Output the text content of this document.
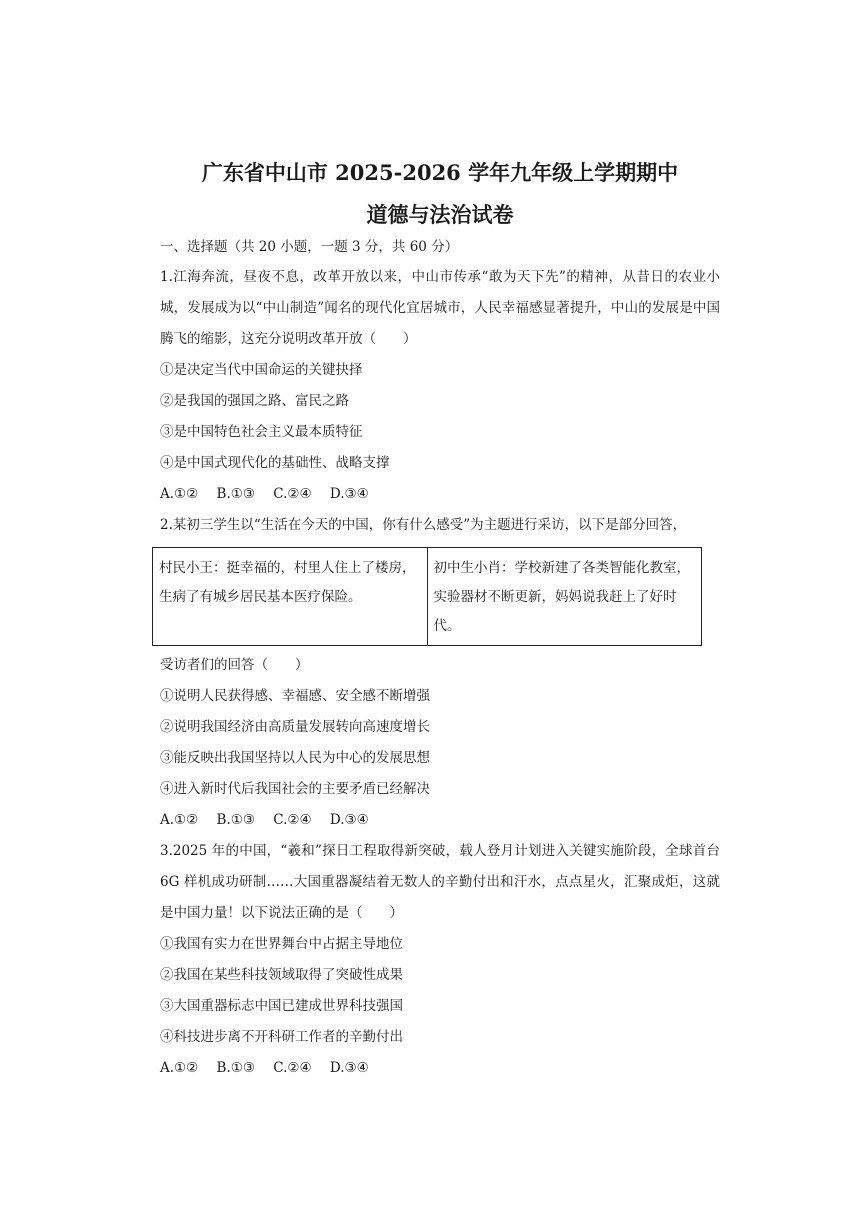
广东省中山市 2025-2026 学年九年级上学期期中
道德与法治试卷

一、选择题（共 20 小题，一题 3 分，共 60 分）

1.江海奔流，昼夜不息，改革开放以来，中山市传承“敢为天下先”的精神，从昔日的农业小城，发展成为以“中山制造”闻名的现代化宜居城市，人民幸福感显著提升，中山的发展是中国腾飞的缩影，这充分说明改革开放（　　）

①是决定当代中国命运的关键抉择

②是我国的强国之路、富民之路

③是中国特色社会主义最本质特征

④是中国式现代化的基础性、战略支撑

A.①② B.①③ C.②④ D.③④

2.某初三学生以“生活在今天的中国，你有什么感受”为主题进行采访，以下是部分回答，

村民小王：挺幸福的，村里人住上了楼房，生病了有城乡居民基本医疗保险。	初中生小肖：学校新建了各类智能化教室，实验器材不断更新，妈妈说我赶上了好时代。

受访者们的回答（　　）

①说明人民获得感、幸福感、安全感不断增强

②说明我国经济由高质量发展转向高速度增长

③能反映出我国坚持以人民为中心的发展思想

④进入新时代后我国社会的主要矛盾已经解决

A.①② B.①③ C.②④ D.③④

3.2025 年的中国，“羲和”探日工程取得新突破，载人登月计划进入关键实施阶段，全球首台 6G 样机成功研制……大国重器凝结着无数人的辛勤付出和汗水，点点星火，汇聚成炬，这就是中国力量！以下说法正确的是（　　）

①我国有实力在世界舞台中占据主导地位

②我国在某些科技领域取得了突破性成果

③大国重器标志中国已建成世界科技强国

④科技进步离不开科研工作者的辛勤付出

A.①② B.①③ C.②④ D.③④
